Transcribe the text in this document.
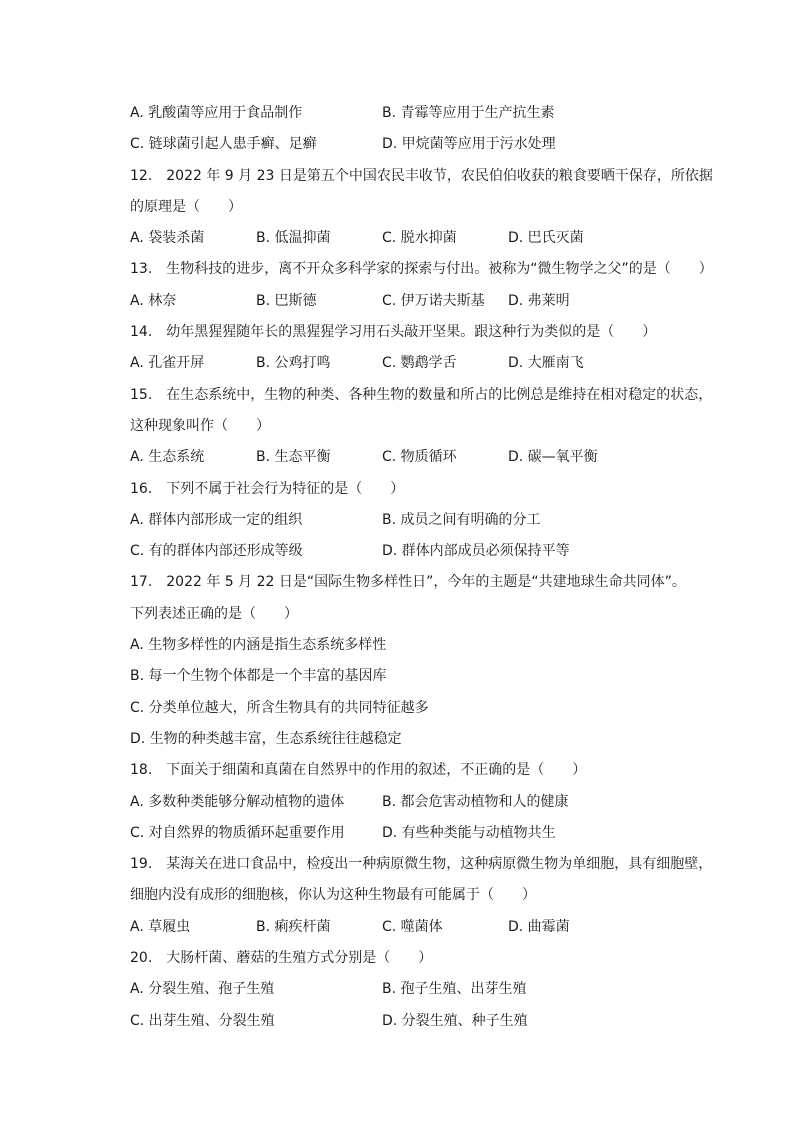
A. 乳酸菌等应用于食品制作	B. 青霉等应用于生产抗生素
C. 链球菌引起人患手癣、足癣	D. 甲烷菌等应用于污水处理
12.　2022 年 9 月 23 日是第五个中国农民丰收节，农民伯伯收获的粮食要晒干保存，所依据
的原理是（　　）
A. 袋装杀菌	B. 低温抑菌	C. 脱水抑菌	D. 巴氏灭菌
13.　生物科技的进步，离不开众多科学家的探索与付出。被称为“微生物学之父”的是（　　）
A. 林奈	B. 巴斯德	C. 伊万诺夫斯基 D. 弗莱明
14.　幼年黑猩猩随年长的黑猩猩学习用石头敲开坚果。跟这种行为类似的是（　　）
A. 孔雀开屏	B. 公鸡打鸣	C. 鹦鹉学舌	D. 大雁南飞
15.　在生态系统中，生物的种类、各种生物的数量和所占的比例总是维持在相对稳定的状态，
这种现象叫作（　　）
A. 生态系统	B. 生态平衡	C. 物质循环	D. 碳—氧平衡
16.　下列不属于社会行为特征的是（　　）
A. 群体内部形成一定的组织	B. 成员之间有明确的分工
C. 有的群体内部还形成等级	D. 群体内部成员必须保持平等
17.　2022 年 5 月 22 日是“国际生物多样性日”，今年的主题是“共建地球生命共同体”。
下列表述正确的是（　　）
A. 生物多样性的内涵是指生态系统多样性
B. 每一个生物个体都是一个丰富的基因库
C. 分类单位越大，所含生物具有的共同特征越多
D. 生物的种类越丰富，生态系统往往越稳定
18.　下面关于细菌和真菌在自然界中的作用的叙述，不正确的是（　　）
A. 多数种类能够分解动植物的遗体	B. 都会危害动植物和人的健康
C. 对自然界的物质循环起重要作用	D. 有些种类能与动植物共生
19.　某海关在进口食品中，检疫出一种病原微生物，这种病原微生物为单细胞，具有细胞壁，
细胞内没有成形的细胞核，你认为这种生物最有可能属于（　　）
A. 草履虫	B. 痢疾杆菌	C. 噬菌体	D. 曲霉菌
20.　大肠杆菌、蘑菇的生殖方式分别是（　　）
A. 分裂生殖、孢子生殖	B. 孢子生殖、出芽生殖
C. 出芽生殖、分裂生殖	D. 分裂生殖、种子生殖
